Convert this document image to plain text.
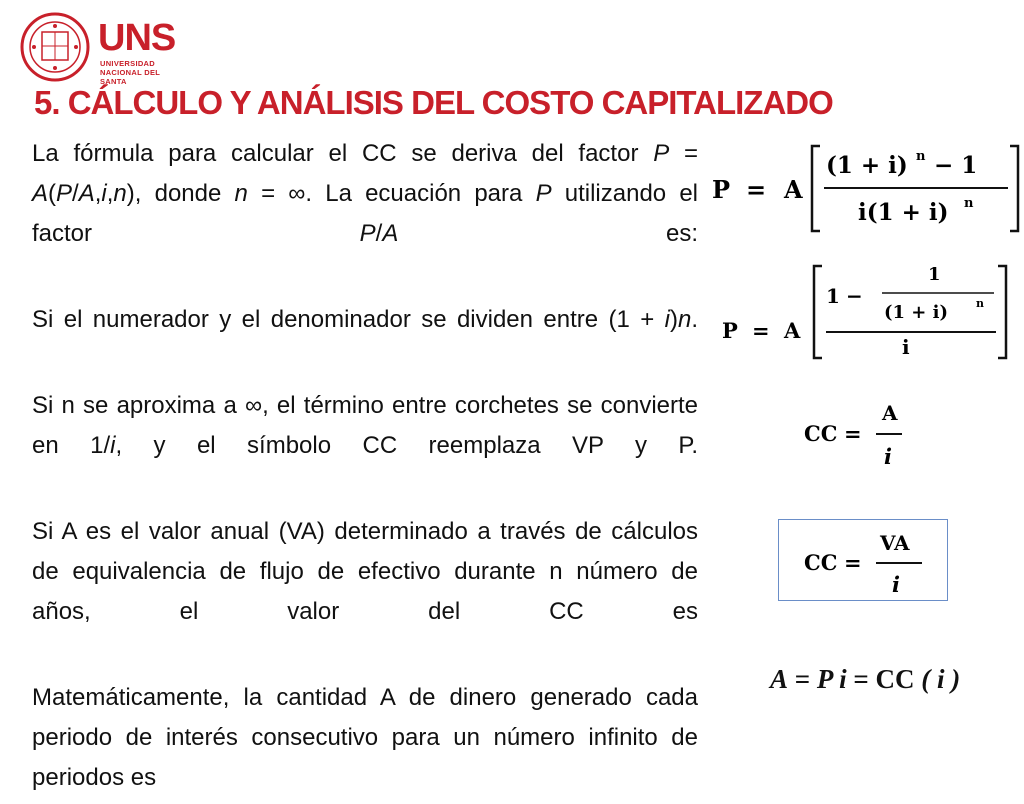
UNS
UNIVERSIDAD
NACIONAL DEL SANTA
5. CÁLCULO Y ANÁLISIS DEL COSTO CAPITALIZADO

La fórmula para calcular el CC se deriva del factor P = A(P/A,i,n), donde n = ∞. La ecuación para P utilizando el factor P/A es:

Si el numerador y el denominador se dividen entre (1 + i)n.

Si n se aproxima a ∞, el término entre corchetes se convierte en 1/i, y el símbolo CC reemplaza VP y P.

Si A es el valor anual (VA) determinado a través de cálculos de equivalencia de flujo de efectivo durante n número de años, el valor del CC es

Matemáticamente, la cantidad A de dinero generado cada periodo de interés consecutivo para un número infinito de periodos es

P = A
(1 + i) n − 1
i(1 + i) n
P = A
1 −
1
(1 + i)	n
i
CC =
A
i
CC =
VA
i
A = P i = CC ( i )
